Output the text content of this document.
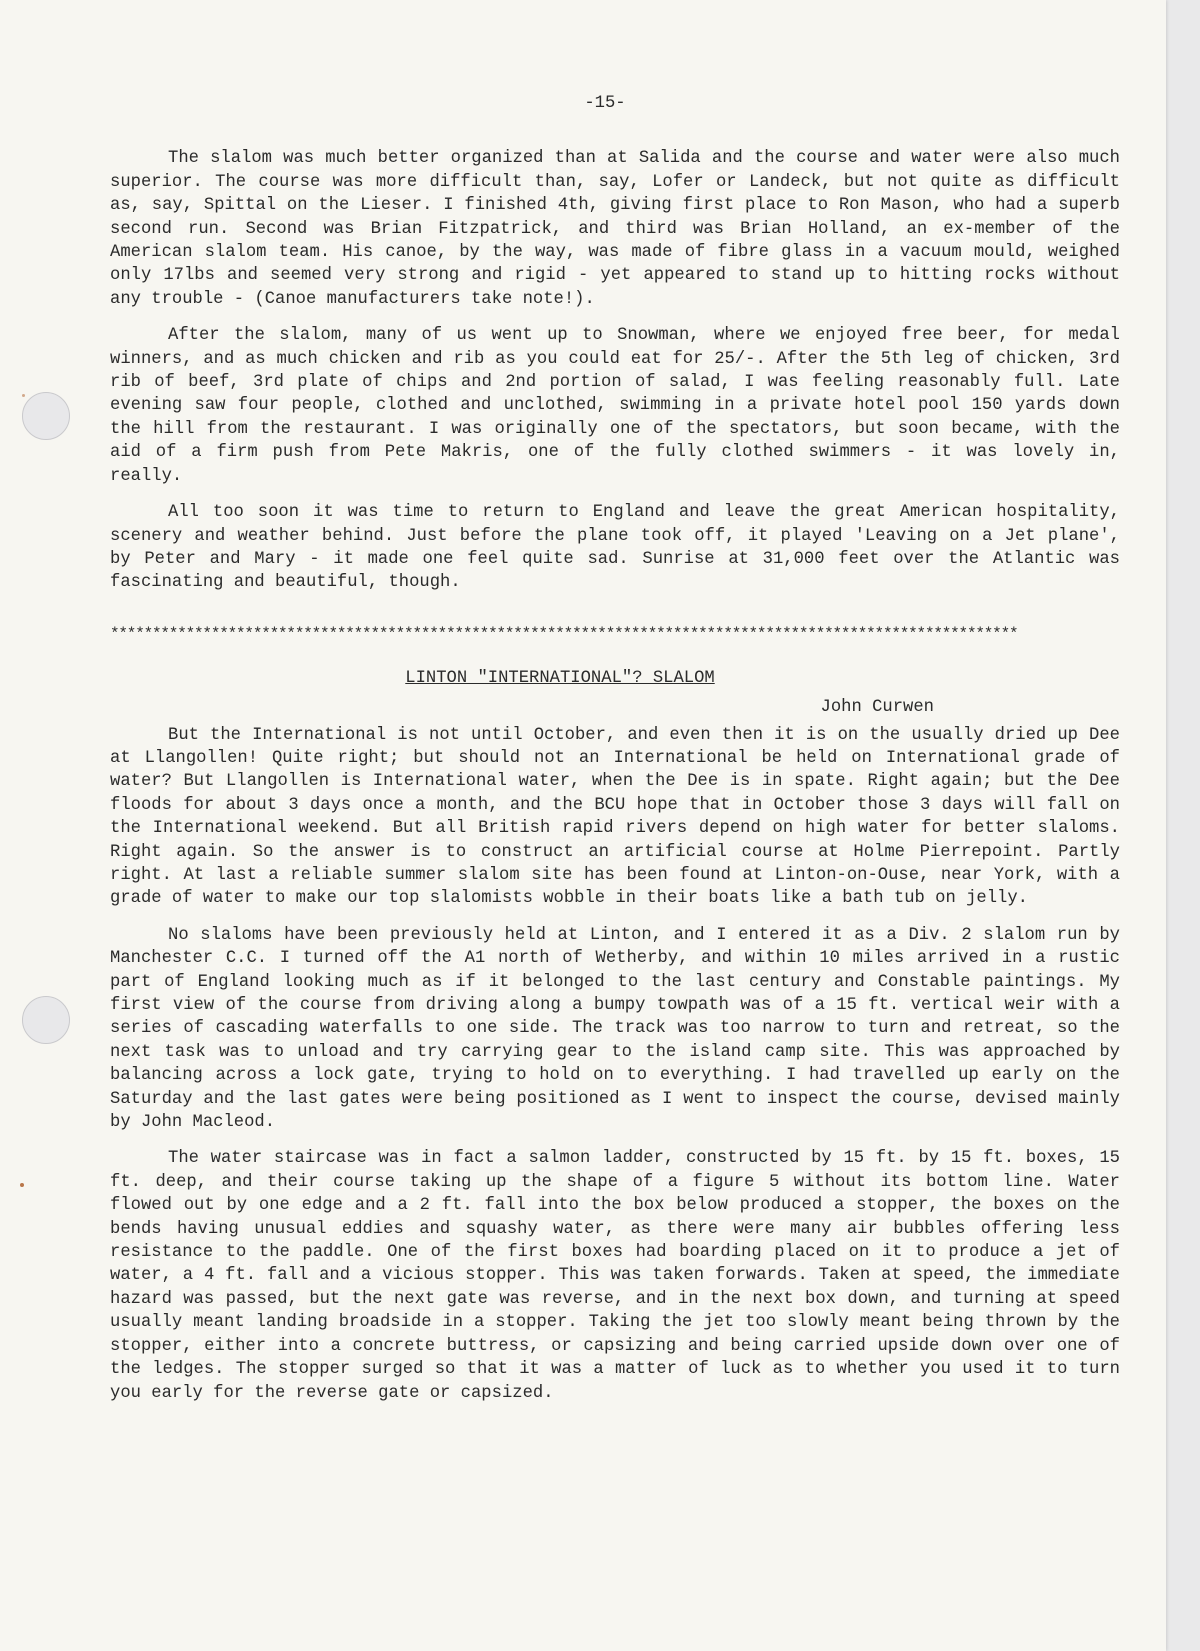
-15-

The slalom was much better organized than at Salida and the course and water were also much superior. The course was more difficult than, say, Lofer or Landeck, but not quite as difficult as, say, Spittal on the Lieser. I finished 4th, giving first place to Ron Mason, who had a superb second run. Second was Brian Fitzpatrick, and third was Brian Holland, an ex-member of the American slalom team. His canoe, by the way, was made of fibre glass in a vacuum mould, weighed only 17lbs and seemed very strong and rigid - yet appeared to stand up to hitting rocks without any trouble - (Canoe manufacturers take note!).

After the slalom, many of us went up to Snowman, where we enjoyed free beer, for medal winners, and as much chicken and rib as you could eat for 25/-. After the 5th leg of chicken, 3rd rib of beef, 3rd plate of chips and 2nd portion of salad, I was feeling reasonably full. Late evening saw four people, clothed and unclothed, swimming in a private hotel pool 150 yards down the hill from the restaurant. I was originally one of the spectators, but soon became, with the aid of a firm push from Pete Makris, one of the fully clothed swimmers - it was lovely in, really.

All too soon it was time to return to England and leave the great American hospitality, scenery and weather behind. Just before the plane took off, it played 'Leaving on a Jet plane', by Peter and Mary - it made one feel quite sad. Sunrise at 31,000 feet over the Atlantic was fascinating and beautiful, though.

************************************************************************************************************
LINTON "INTERNATIONAL"? SLALOM
John Curwen

But the International is not until October, and even then it is on the usually dried up Dee at Llangollen! Quite right; but should not an International be held on International grade of water? But Llangollen is International water, when the Dee is in spate. Right again; but the Dee floods for about 3 days once a month, and the BCU hope that in October those 3 days will fall on the International weekend. But all British rapid rivers depend on high water for better slaloms. Right again. So the answer is to construct an artificial course at Holme Pierrepoint. Partly right. At last a reliable summer slalom site has been found at Linton-on-Ouse, near York, with a grade of water to make our top slalomists wobble in their boats like a bath tub on jelly.

No slaloms have been previously held at Linton, and I entered it as a Div. 2 slalom run by Manchester C.C. I turned off the A1 north of Wetherby, and within 10 miles arrived in a rustic part of England looking much as if it belonged to the last century and Constable paintings. My first view of the course from driving along a bumpy towpath was of a 15 ft. vertical weir with a series of cascading waterfalls to one side. The track was too narrow to turn and retreat, so the next task was to unload and try carrying gear to the island camp site. This was approached by balancing across a lock gate, trying to hold on to everything. I had travelled up early on the Saturday and the last gates were being positioned as I went to inspect the course, devised mainly by John Macleod.

The water staircase was in fact a salmon ladder, constructed by 15 ft. by 15 ft. boxes, 15 ft. deep, and their course taking up the shape of a figure 5 without its bottom line. Water flowed out by one edge and a 2 ft. fall into the box below produced a stopper, the boxes on the bends having unusual eddies and squashy water, as there were many air bubbles offering less resistance to the paddle. One of the first boxes had boarding placed on it to produce a jet of water, a 4 ft. fall and a vicious stopper. This was taken forwards. Taken at speed, the immediate hazard was passed, but the next gate was reverse, and in the next box down, and turning at speed usually meant landing broadside in a stopper. Taking the jet too slowly meant being thrown by the stopper, either into a concrete buttress, or capsizing and being carried upside down over one of the ledges. The stopper surged so that it was a matter of luck as to whether you used it to turn you early for the reverse gate or capsized.
